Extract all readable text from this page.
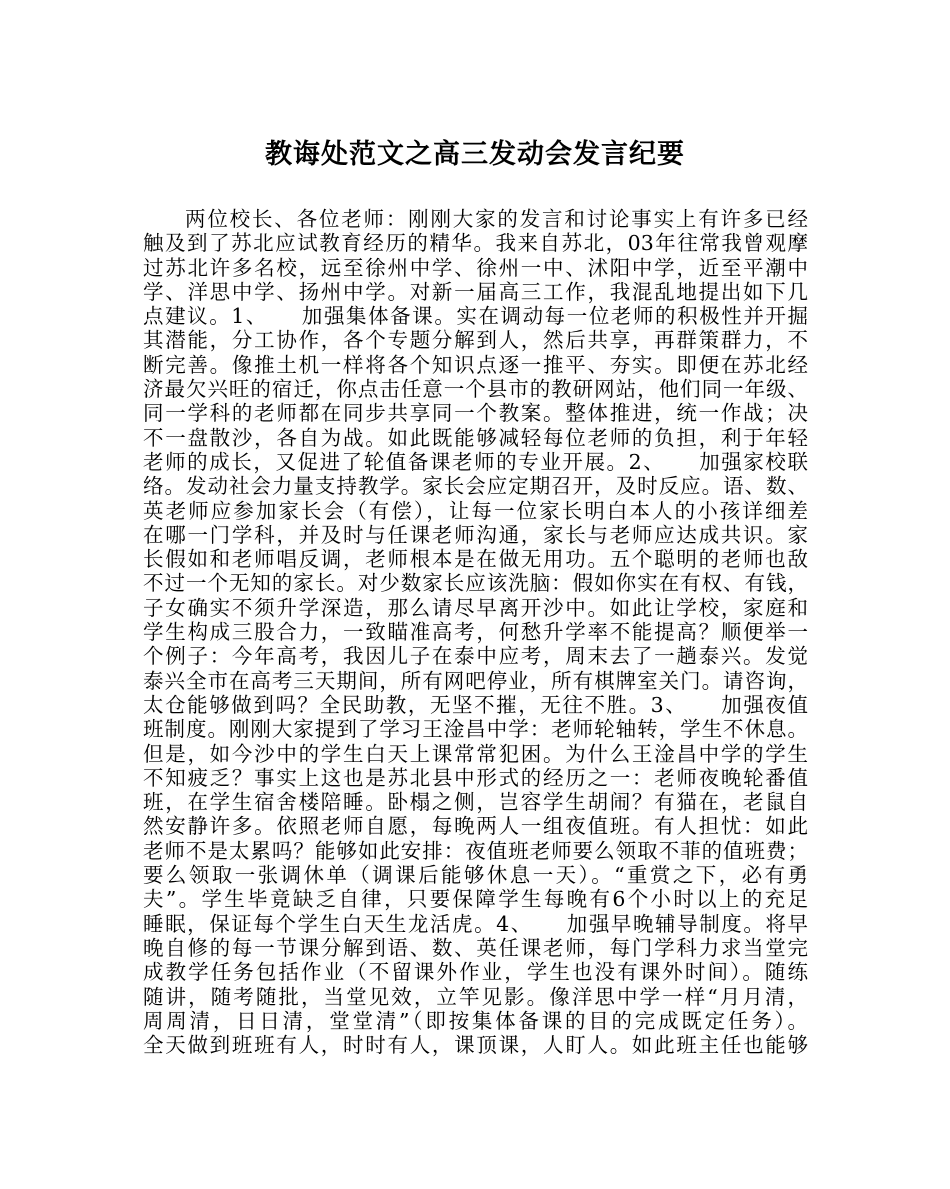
教诲处范文之高三发动会发言纪要
两位校长、各位老师：刚刚大家的发言和讨论事实上有许多已经
触及到了苏北应试教育经历的精华。我来自苏北，03年往常我曾观摩
过苏北许多名校，远至徐州中学、徐州一中、沭阳中学，近至平潮中
学、洋思中学、扬州中学。对新一届高三工作，我混乱地提出如下几
点建议。1、　　加强集体备课。实在调动每一位老师的积极性并开掘
其潜能，分工协作，各个专题分解到人，然后共享，再群策群力，不
断完善。像推土机一样将各个知识点逐一推平、夯实。即便在苏北经
济最欠兴旺的宿迁，你点击任意一个县市的教研网站，他们同一年级、
同一学科的老师都在同步共享同一个教案。整体推进，统一作战；决
不一盘散沙，各自为战。如此既能够减轻每位老师的负担，利于年轻
老师的成长，又促进了轮值备课老师的专业开展。2、　　加强家校联
络。发动社会力量支持教学。家长会应定期召开，及时反应。语、数、
英老师应参加家长会（有偿），让每一位家长明白本人的小孩详细差
在哪一门学科，并及时与任课老师沟通，家长与老师应达成共识。家
长假如和老师唱反调，老师根本是在做无用功。五个聪明的老师也敌
不过一个无知的家长。对少数家长应该洗脑：假如你实在有权、有钱，
子女确实不须升学深造，那么请尽早离开沙中。如此让学校，家庭和
学生构成三股合力，一致瞄准高考，何愁升学率不能提高？顺便举一
个例子：今年高考，我因儿子在泰中应考，周末去了一趟泰兴。发觉
泰兴全市在高考三天期间，所有网吧停业，所有棋牌室关门。请咨询，
太仓能够做到吗？全民助教，无坚不摧，无往不胜。3、　　加强夜值
班制度。刚刚大家提到了学习王淦昌中学：老师轮轴转，学生不休息。
但是，如今沙中的学生白天上课常常犯困。为什么王淦昌中学的学生
不知疲乏？事实上这也是苏北县中形式的经历之一：老师夜晚轮番值
班，在学生宿舍楼陪睡。卧榻之侧，岂容学生胡闹？有猫在，老鼠自
然安静许多。依照老师自愿，每晚两人一组夜值班。有人担忧：如此
老师不是太累吗？能够如此安排：夜值班老师要么领取不菲的值班费；
要么领取一张调休单（调课后能够休息一天）。“重赏之下，必有勇
夫”。学生毕竟缺乏自律，只要保障学生每晚有6个小时以上的充足
睡眠，保证每个学生白天生龙活虎。4、　　加强早晚辅导制度。将早
晚自修的每一节课分解到语、数、英任课老师，每门学科力求当堂完
成教学任务包括作业（不留课外作业，学生也没有课外时间）。随练
随讲，随考随批，当堂见效，立竿见影。像洋思中学一样“月月清，
周周清，日日清，堂堂清”（即按集体备课的目的完成既定任务）。
全天做到班班有人，时时有人，课顶课，人盯人。如此班主任也能够
